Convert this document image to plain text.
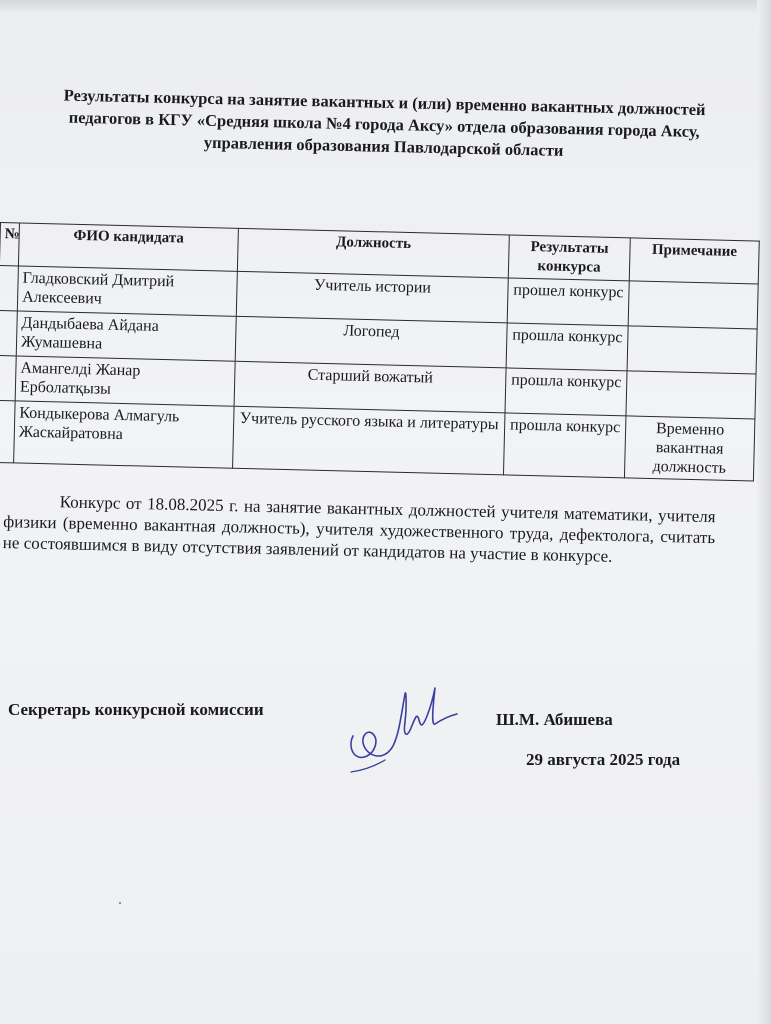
Результаты конкурса на занятие вакантных и (или) временно вакантных должностей педагогов в КГУ «Средняя школа №4 города Аксу» отдела образования города Аксу, управления образования Павлодарской области
№	ФИО кандидата	Должность	Результаты конкурса	Примечание
	Гладковский Дмитрий Алексеевич	Учитель истории	прошел конкурс	
	Дандыбаева Айдана Жумашевна	Логопед	прошла конкурс	
	Амангелді Жанар Ерболатқызы	Старший вожатый	прошла конкурс	
	Кондыкерова Алмагуль Жаскайратовна	Учитель русского языка и литературы	прошла конкурс	Временно вакантная должность
Конкурс от 18.08.2025 г. на занятие вакантных должностей учителя математики, учителя физики (временно вакантная должность), учителя художественного труда, дефектолога, считать не состоявшимся в виду отсутствия заявлений от кандидатов на участие в конкурсе.
Секретарь конкурсной комиссии
Ш.М. Абишева
29 августа 2025 года
